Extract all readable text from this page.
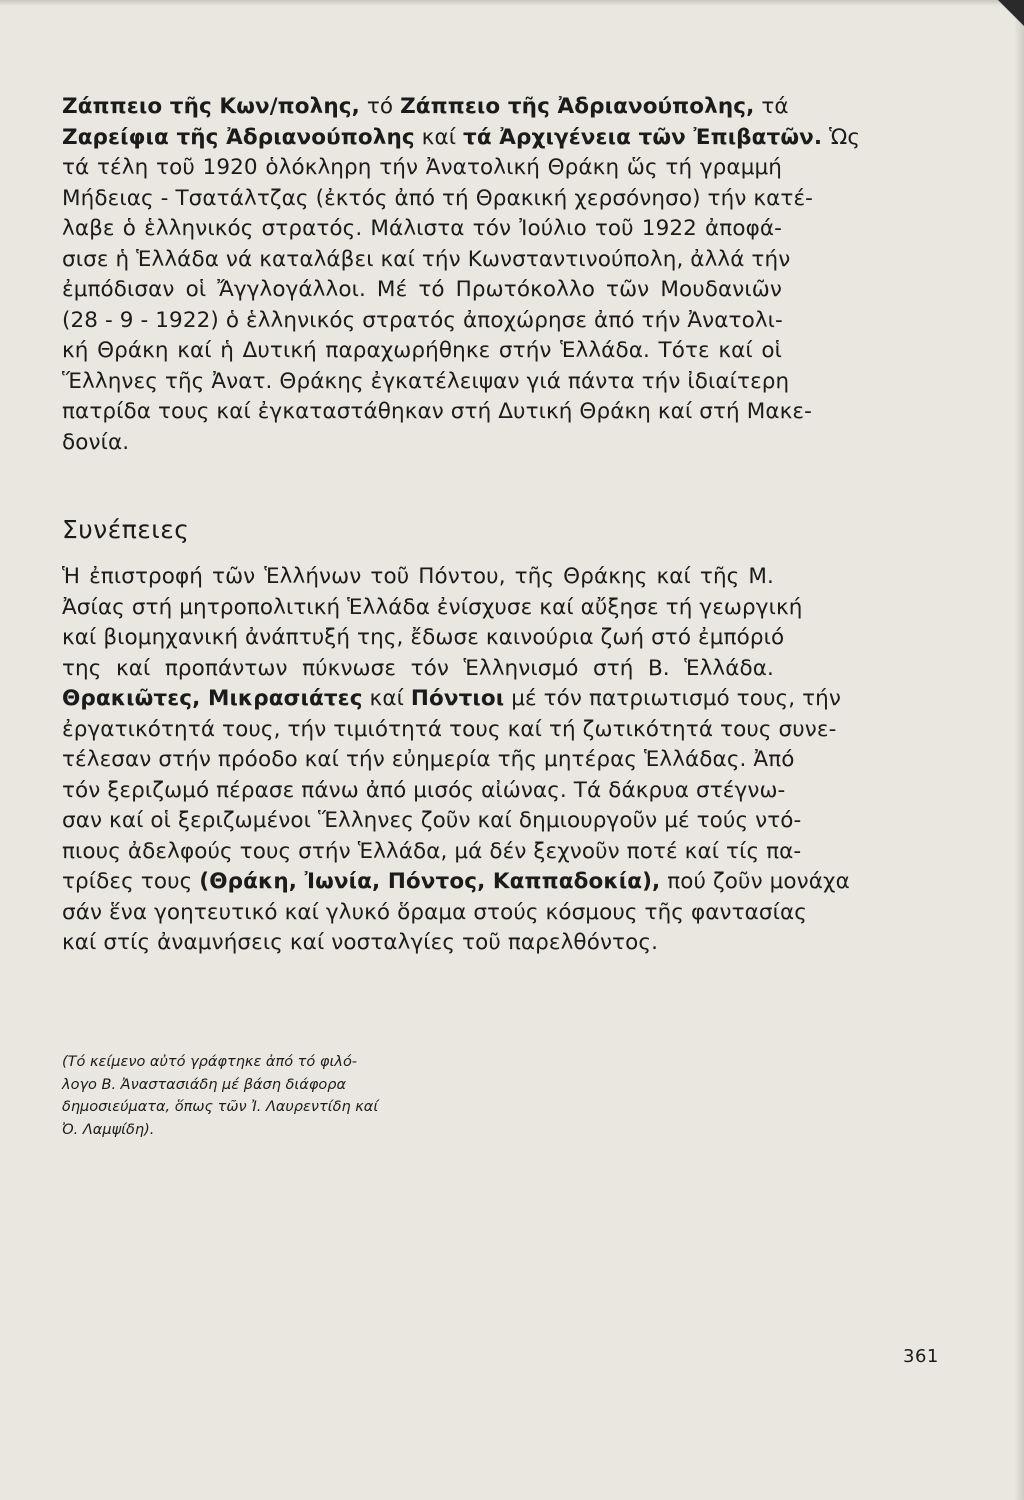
Ζάππειο τῆς Κων/πολης, τό Ζάππειο τῆς Ἀδριανούπολης, τά
Ζαρείφια τῆς Ἀδριανούπολης καί τά Ἀρχιγένεια τῶν Ἐπιβατῶν. Ὡς
τά τέλη τοῦ 1920 ὁλόκληρη τήν Ἀνατολική Θράκη ὥς τή γραμμή
Μήδειας - Τσατάλτζας (ἐκτός ἀπό τή Θρακική χερσόνησο) τήν κατέ-
λαβε ὁ ἑλληνικός στρατός. Μάλιστα τόν Ἰούλιο τοῦ 1922 ἀποφά-
σισε ἡ Ἑλλάδα νά καταλάβει καί τήν Κωνσταντινούπολη, ἀλλά τήν
ἐμπόδισαν οἱ Ἄγγλογάλλοι. Μέ τό Πρωτόκολλο τῶν Μουδανιῶν
(28 - 9 - 1922) ὁ ἑλληνικός στρατός ἀποχώρησε ἀπό τήν Ἀνατολι-
κή Θράκη καί ἡ Δυτική παραχωρήθηκε στήν Ἑλλάδα. Τότε καί οἱ
Ἕλληνες τῆς Ἀνατ. Θράκης ἐγκατέλειψαν γιά πάντα τήν ἰδιαίτερη
πατρίδα τους καί ἐγκαταστάθηκαν στή Δυτική Θράκη καί στή Μακε-
δονία.
Συνέπειες
Ἡ ἐπιστροφή τῶν Ἑλλήνων τοῦ Πόντου, τῆς Θράκης καί τῆς Μ.
Ἀσίας στή μητροπολιτική Ἑλλάδα ἐνίσχυσε καί αὔξησε τή γεωργική
καί βιομηχανική ἀνάπτυξή της, ἔδωσε καινούρια ζωή στό ἐμπόριό
της καί προπάντων πύκνωσε τόν Ἑλληνισμό στή Β. Ἑλλάδα.
Θρακιῶτες, Μικρασιάτες καί Πόντιοι μέ τόν πατριωτισμό τους, τήν
ἐργατικότητά τους, τήν τιμιότητά τους καί τή ζωτικότητά τους συνε-
τέλεσαν στήν πρόοδο καί τήν εὐημερία τῆς μητέρας Ἑλλάδας. Ἀπό
τόν ξεριζωμό πέρασε πάνω ἀπό μισός αἰώνας. Τά δάκρυα στέγνω-
σαν καί οἱ ξεριζωμένοι Ἕλληνες ζοῦν καί δημιουργοῦν μέ τούς ντό-
πιους ἀδελφούς τους στήν Ἑλλάδα, μά δέν ξεχνοῦν ποτέ καί τίς πα-
τρίδες τους (Θράκη, Ἰωνία, Πόντος, Καππαδοκία), πού ζοῦν μονάχα
σάν ἕνα γοητευτικό καί γλυκό ὅραμα στούς κόσμους τῆς φαντασίας
καί στίς ἀναμνήσεις καί νοσταλγίες τοῦ παρελθόντος.
(Τό κείμενο αὐτό γράφτηκε ἀπό τό φιλό-
λογο Β. Ἀναστασιάδη μέ βάση διάφορα
δημοσιεύματα, ὅπως τῶν Ἰ. Λαυρεντίδη καί
Ὀ. Λαμψίδη).

361
